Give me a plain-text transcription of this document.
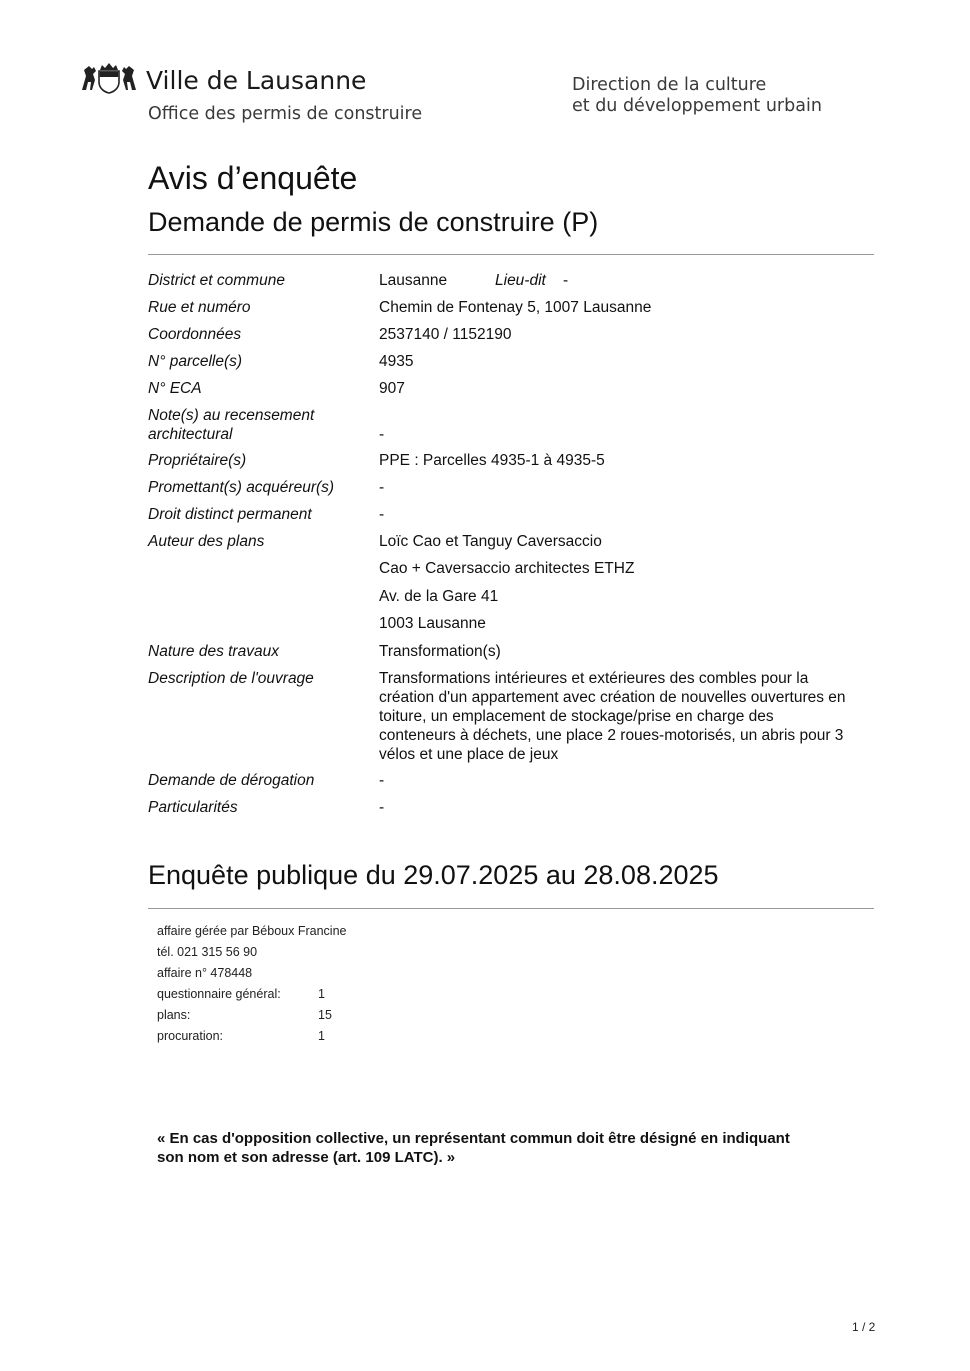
Ville de Lausanne
Office des permis de construire
Direction de la culture
et du développement urbain
Avis d’enquête
Demande de permis de construire (P)
District et commune	Lausanne	Lieu-dit -
Rue et numéro	Chemin de Fontenay 5, 1007 Lausanne
Coordonnées	2537140 / 1152190
N° parcelle(s)	4935
N° ECA	907
Note(s) au recensement
architectural	-
Propriétaire(s)	PPE : Parcelles 4935-1 à 4935-5
Promettant(s) acquéreur(s)	-
Droit distinct permanent	-
Auteur des plans	Loïc Cao et Tanguy Caversaccio
Cao + Caversaccio architectes ETHZ
Av. de la Gare 41
1003 Lausanne
Nature des travaux	Transformation(s)
Description de l'ouvrage	Transformations intérieures et extérieures des combles pour la
création d'un appartement avec création de nouvelles ouvertures en
toiture, un emplacement de stockage/prise en charge des
conteneurs à déchets, une place 2 roues-motorisés, un abris pour 3
vélos et une place de jeux
Demande de dérogation	-
Particularités	-
Enquête publique du 29.07.2025 au 28.08.2025
affaire gérée par Béboux Francine
tél. 021 315 56 90
affaire n° 478448
questionnaire général:	1
plans:	15
procuration:	1
« En cas d'opposition collective, un représentant commun doit être désigné en indiquant
son nom et son adresse (art. 109 LATC). »
1 / 2
